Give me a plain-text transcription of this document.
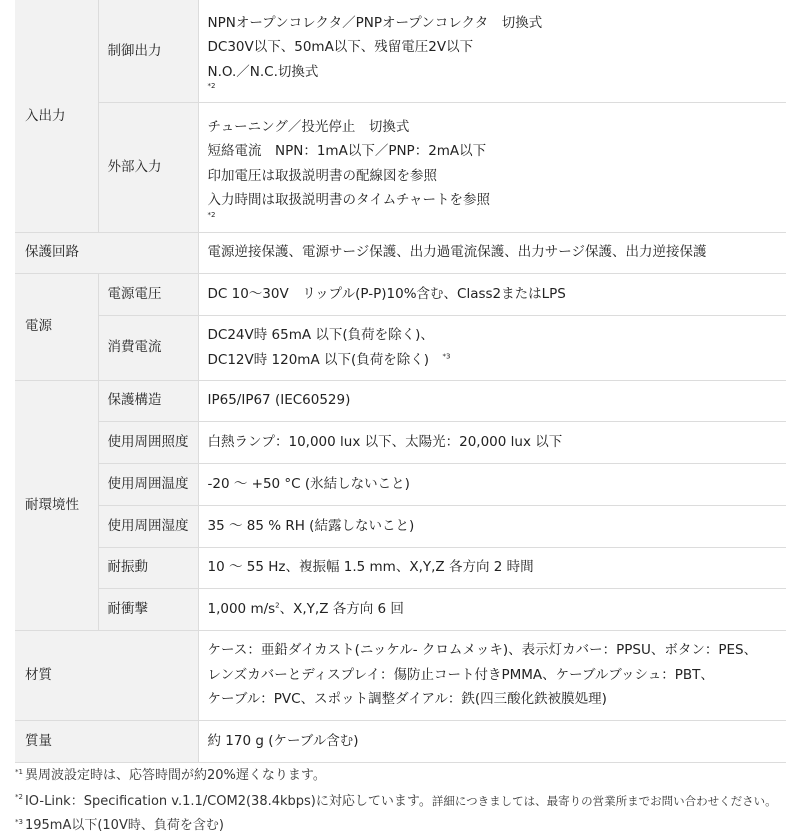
入出力	制御出力	NPNオープンコレクタ／PNPオープンコレクタ　切換式
DC30V以下、50mA以下、残留電圧2V以下
N.O.／N.C.切換式
*2

	外部入力	チューニング／投光停止　切換式
短絡電流　NPN：1mA以下／PNP：2mA以下
印加電圧は取扱説明書の配線図を参照
入力時間は取扱説明書のタイムチャートを参照
*2

保護回路		電源逆接保護、電源サージ保護、出力過電流保護、出力サージ保護、出力逆接保護
電源	電源電圧	DC 10～30V　リップル(P-P)10%含む、Class2またはLPS
	消費電流	DC24V時 65mA 以下(負荷を除く)、
DC12V時 120mA 以下(負荷を除く)　 $^{*3}$

耐環境性	保護構造	IP65/IP67 (IEC60529)
	使用周囲照度	白熱ランプ：10,000 lux 以下、太陽光：20,000 lux 以下
	使用周囲温度	-20 ～ +50 °C (氷結しないこと)
	使用周囲湿度	35 ～ 85 % RH (結露しないこと)
	耐振動	10 ～ 55 Hz、複振幅 1.5 mm、X,Y,Z 各方向 2 時間
	耐衝撃	1,000 $m/s^2$、X,Y,Z 各方向 6 回
材質		ケース：亜鉛ダイカスト(ニッケル- クロムメッキ)、表示灯カバー：PPSU、ボタン：PES、
レンズカバーとディスプレイ：傷防止コート付きPMMA、ケーブルブッシュ：PBT、
ケーブル：PVC、スポット調整ダイアル：鉄(四三酸化鉄被膜処理)

質量		約 170 g (ケーブル含む)
$^{*1}$ 異周波設定時は、応答時間が約20%遅くなります。
$^{*2}$ IO-Link：Specification v.1.1/COM2(38.4kbps)に対応しています。詳細につきましては、最寄りの営業所までお問い合わせください。
$^{*3}$ 195mA以下(10V時、負荷を含む)
